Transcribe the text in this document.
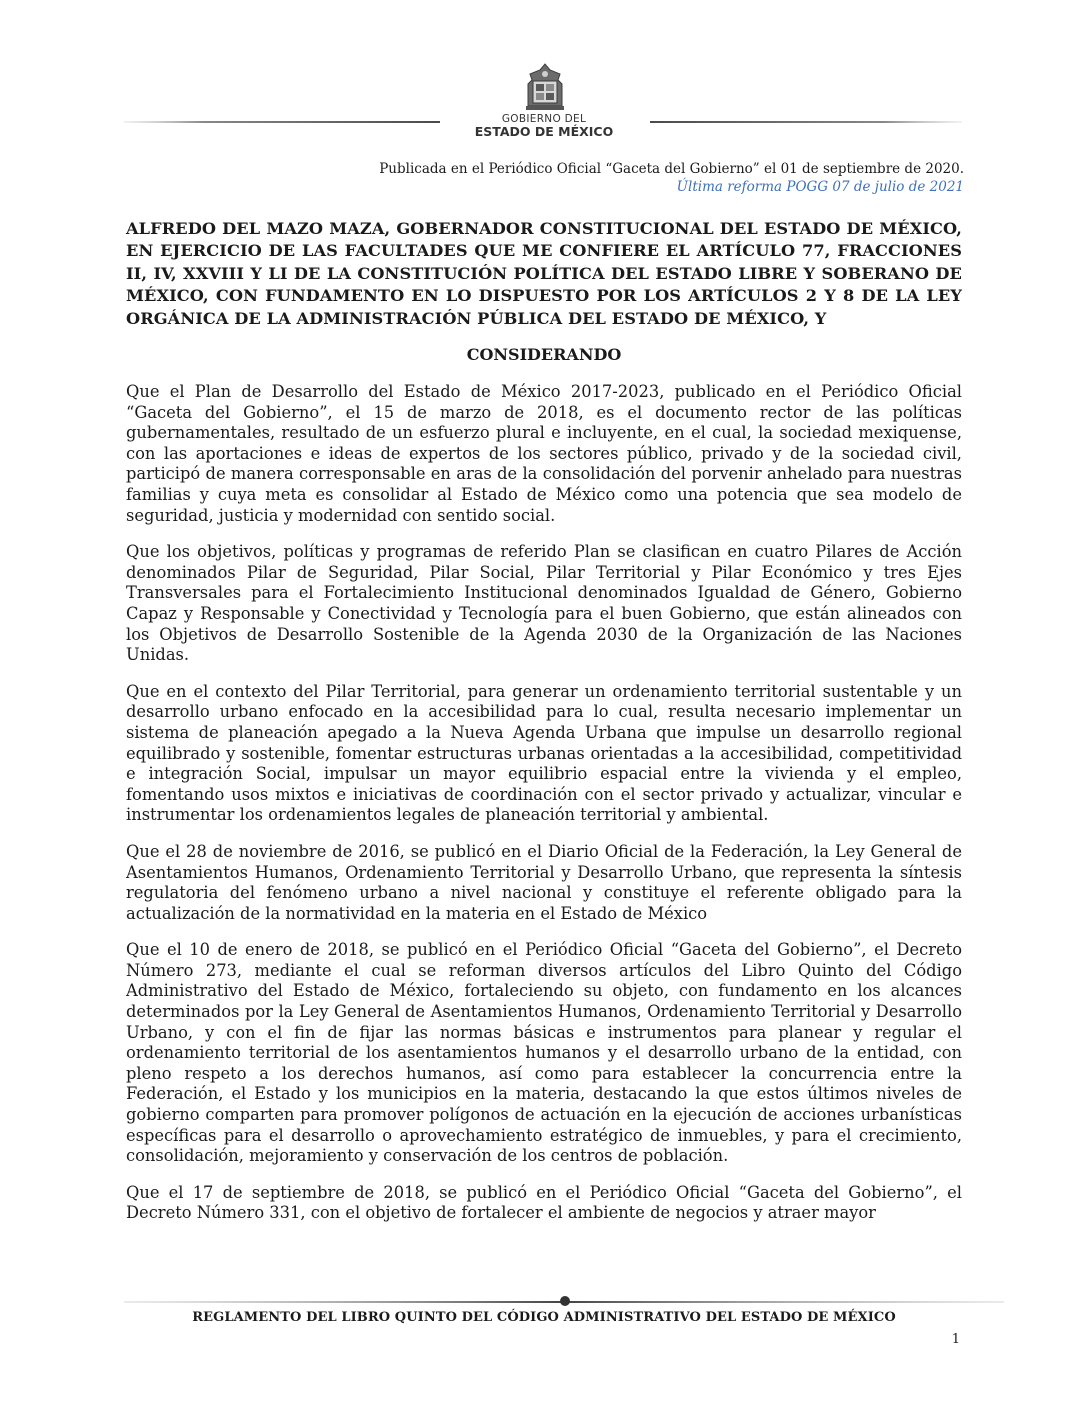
GOBIERNO DEL
ESTADO DE MÉXICO
Publicada en el Periódico Oficial “Gaceta del Gobierno” el 01 de septiembre de 2020.
Última reforma POGG 07 de julio de 2021

ALFREDO DEL MAZO MAZA, GOBERNADOR CONSTITUCIONAL DEL ESTADO DE MÉXICO, EN EJERCICIO DE LAS FACULTADES QUE ME CONFIERE EL ARTÍCULO 77, FRACCIONES II, IV, XXVIII Y LI DE LA CONSTITUCIÓN POLÍTICA DEL ESTADO LIBRE Y SOBERANO DE MÉXICO, CON FUNDAMENTO EN LO DISPUESTO POR LOS ARTÍCULOS 2 Y 8 DE LA LEY ORGÁNICA DE LA ADMINISTRACIÓN PÚBLICA DEL ESTADO DE MÉXICO, Y

CONSIDERANDO

Que el Plan de Desarrollo del Estado de México 2017-2023, publicado en el Periódico Oficial “Gaceta del Gobierno”, el 15 de marzo de 2018, es el documento rector de las políticas gubernamentales, resultado de un esfuerzo plural e incluyente, en el cual, la sociedad mexiquense, con las aportaciones e ideas de expertos de los sectores público, privado y de la sociedad civil, participó de manera corresponsable en aras de la consolidación del porvenir anhelado para nuestras familias y cuya meta es consolidar al Estado de México como una potencia que sea modelo de seguridad, justicia y modernidad con sentido social.

Que los objetivos, políticas y programas de referido Plan se clasifican en cuatro Pilares de Acción denominados Pilar de Seguridad, Pilar Social, Pilar Territorial y Pilar Económico y tres Ejes Transversales para el Fortalecimiento Institucional denominados Igualdad de Género, Gobierno Capaz y Responsable y Conectividad y Tecnología para el buen Gobierno, que están alineados con los Objetivos de Desarrollo Sostenible de la Agenda 2030 de la Organización de las Naciones Unidas.

Que en el contexto del Pilar Territorial, para generar un ordenamiento territorial sustentable y un desarrollo urbano enfocado en la accesibilidad para lo cual, resulta necesario implementar un sistema de planeación apegado a la Nueva Agenda Urbana que impulse un desarrollo regional equilibrado y sostenible, fomentar estructuras urbanas orientadas a la accesibilidad, competitividad e integración Social, impulsar un mayor equilibrio espacial entre la vivienda y el empleo, fomentando usos mixtos e iniciativas de coordinación con el sector privado y actualizar, vincular e instrumentar los ordenamientos legales de planeación territorial y ambiental.

Que el 28 de noviembre de 2016, se publicó en el Diario Oficial de la Federación, la Ley General de Asentamientos Humanos, Ordenamiento Territorial y Desarrollo Urbano, que representa la síntesis regulatoria del fenómeno urbano a nivel nacional y constituye el referente obligado para la actualización de la normatividad en la materia en el Estado de México

Que el 10 de enero de 2018, se publicó en el Periódico Oficial “Gaceta del Gobierno”, el Decreto Número 273, mediante el cual se reforman diversos artículos del Libro Quinto del Código Administrativo del Estado de México, fortaleciendo su objeto, con fundamento en los alcances determinados por la Ley General de Asentamientos Humanos, Ordenamiento Territorial y Desarrollo Urbano, y con el fin de fijar las normas básicas e instrumentos para planear y regular el ordenamiento territorial de los asentamientos humanos y el desarrollo urbano de la entidad, con pleno respeto a los derechos humanos, así como para establecer la concurrencia entre la Federación, el Estado y los municipios en la materia, destacando la que estos últimos niveles de gobierno comparten para promover polígonos de actuación en la ejecución de acciones urbanísticas específicas para el desarrollo o aprovechamiento estratégico de inmuebles, y para el crecimiento, consolidación, mejoramiento y conservación de los centros de población.

Que el 17 de septiembre de 2018, se publicó en el Periódico Oficial “Gaceta del Gobierno”, el Decreto Número 331, con el objetivo de fortalecer el ambiente de negocios y atraer mayor

REGLAMENTO DEL LIBRO QUINTO DEL CÓDIGO ADMINISTRATIVO DEL ESTADO DE MÉXICO
1
